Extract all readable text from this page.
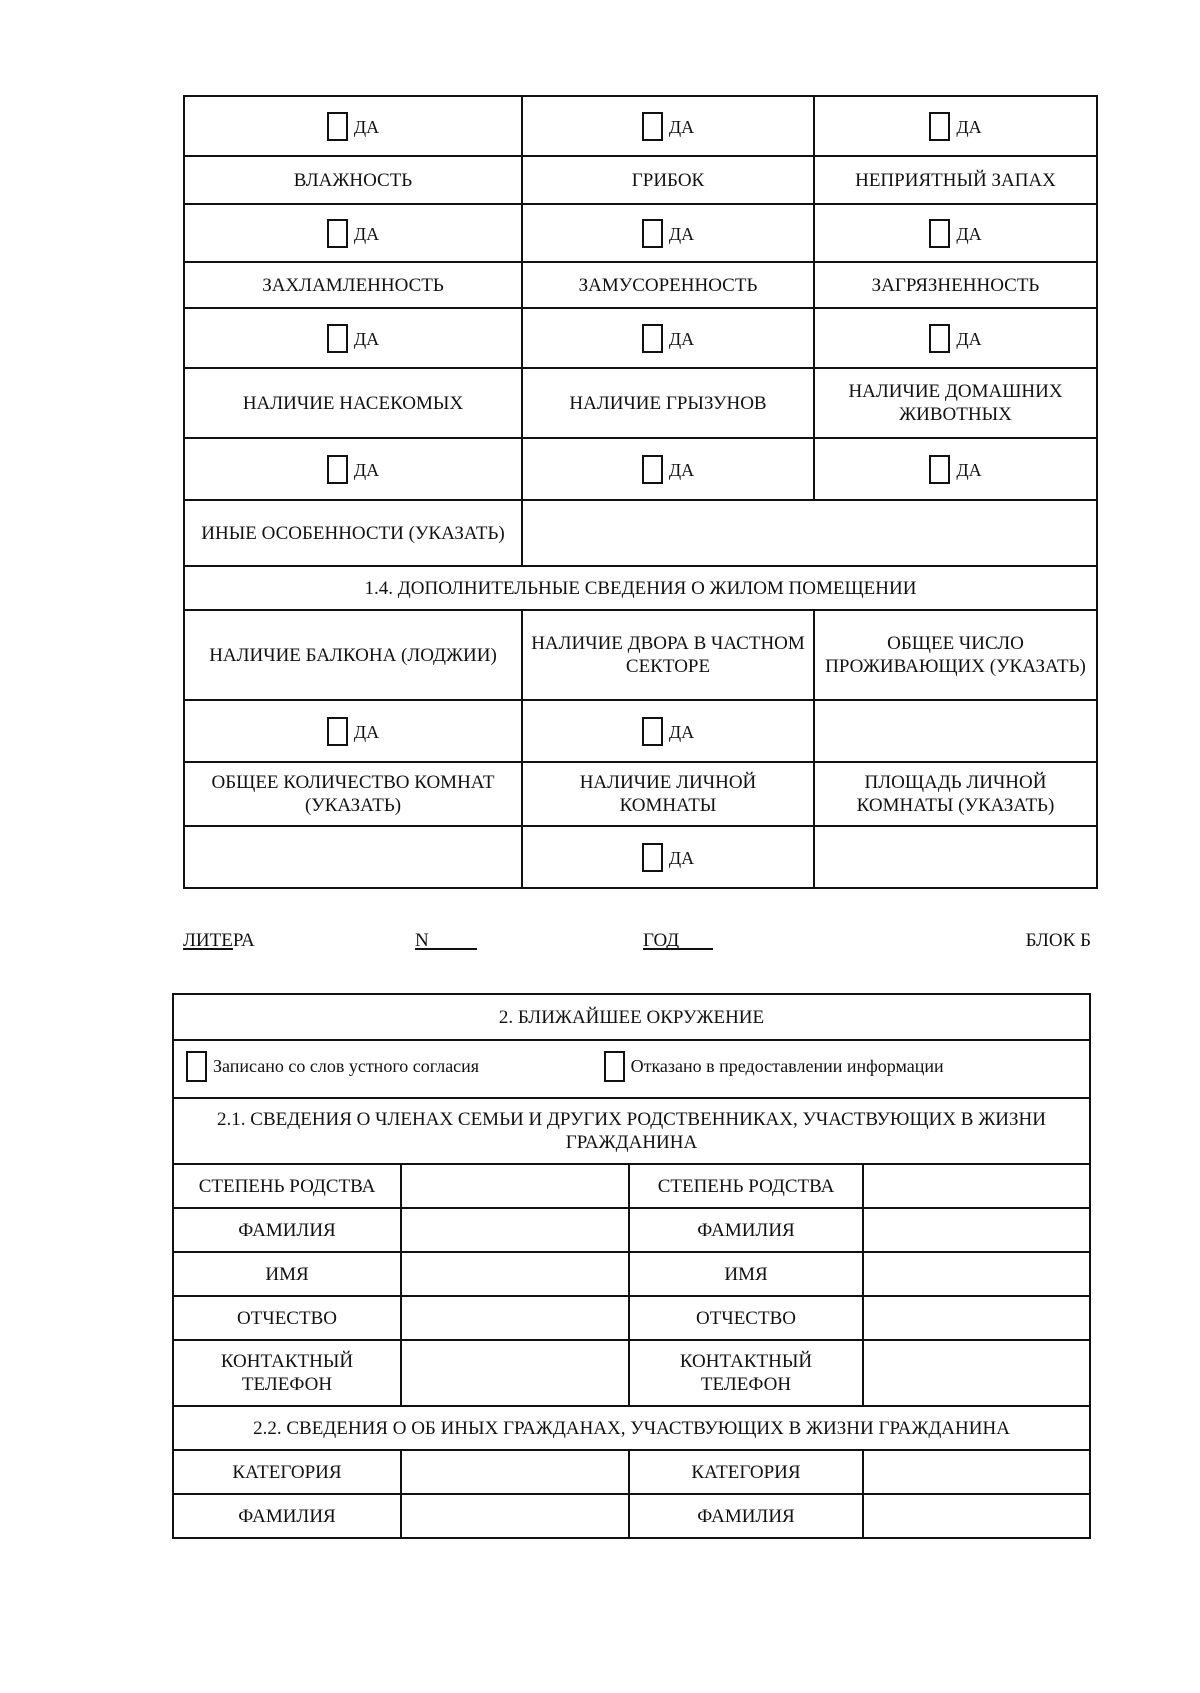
ДА	ДА	ДА
ВЛАЖНОСТЬ	ГРИБОК	НЕПРИЯТНЫЙ ЗАПАХ
ДА	ДА	ДА
ЗАХЛАМЛЕННОСТЬ	ЗАМУСОРЕННОСТЬ	ЗАГРЯЗНЕННОСТЬ
ДА	ДА	ДА
НАЛИЧИЕ НАСЕКОМЫХ	НАЛИЧИЕ ГРЫЗУНОВ	НАЛИЧИЕ ДОМАШНИХ ЖИВОТНЫХ
ДА	ДА	ДА
ИНЫЕ ОСОБЕННОСТИ (УКАЗАТЬ)		
1.4. ДОПОЛНИТЕЛЬНЫЕ СВЕДЕНИЯ О ЖИЛОМ ПОМЕЩЕНИИ		
НАЛИЧИЕ БАЛКОНА (ЛОДЖИИ)	НАЛИЧИЕ ДВОРА В ЧАСТНОМ СЕКТОРЕ	ОБЩЕЕ ЧИСЛО ПРОЖИВАЮЩИХ (УКАЗАТЬ)
ДА	ДА	
ОБЩЕЕ КОЛИЧЕСТВО КОМНАТ (УКАЗАТЬ)	НАЛИЧИЕ ЛИЧНОЙ КОМНАТЫ	ПЛОЩАДЬ ЛИЧНОЙ КОМНАТЫ (УКАЗАТЬ)
	ДА	
ЛИТЕРА	N	ГОД	БЛОК Б
2. БЛИЖАЙШЕЕ ОКРУЖЕНИЕ			

Записано со слов устного согласия
Отказано в предоставлении информации			

2.1. СВЕДЕНИЯ О ЧЛЕНАХ СЕМЬИ И ДРУГИХ РОДСТВЕННИКАХ, УЧАСТВУЮЩИХ В ЖИЗНИ ГРАЖДАНИНА			
СТЕПЕНЬ РОДСТВА		СТЕПЕНЬ РОДСТВА	
ФАМИЛИЯ		ФАМИЛИЯ	
ИМЯ		ИМЯ	
ОТЧЕСТВО		ОТЧЕСТВО	
КОНТАКТНЫЙ ТЕЛЕФОН		КОНТАКТНЫЙ ТЕЛЕФОН	
2.2. СВЕДЕНИЯ О ОБ ИНЫХ ГРАЖДАНАХ, УЧАСТВУЮЩИХ В ЖИЗНИ ГРАЖДАНИНА			
КАТЕГОРИЯ		КАТЕГОРИЯ	
ФАМИЛИЯ		ФАМИЛИЯ	
